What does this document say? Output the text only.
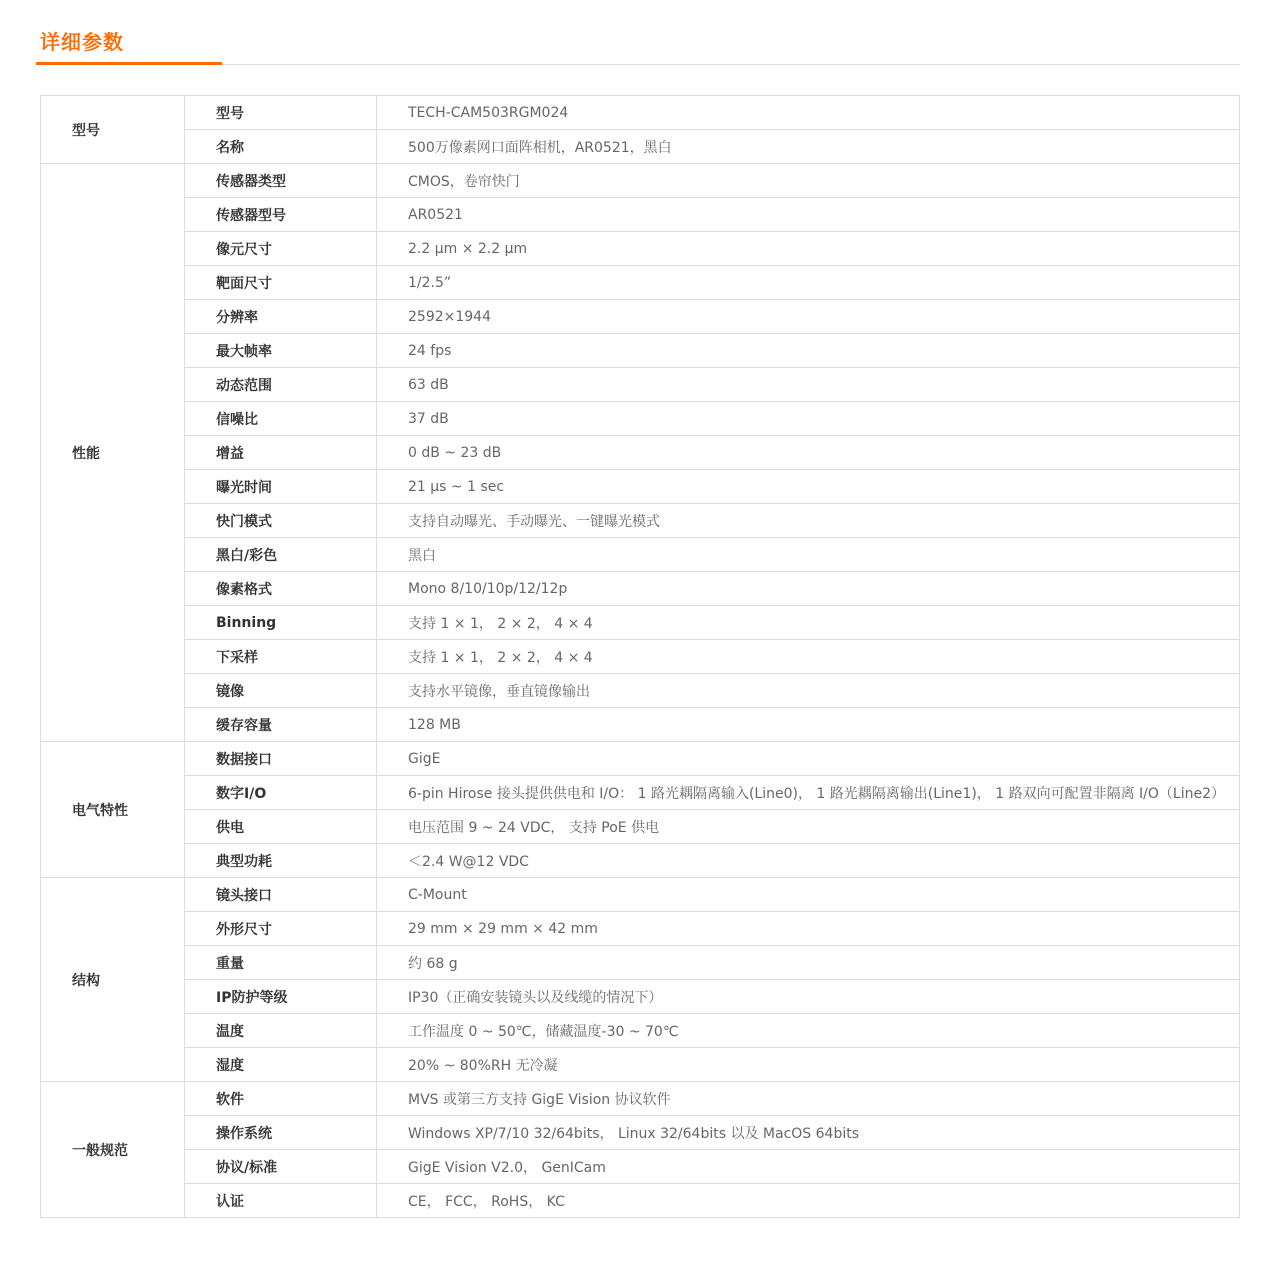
详细参数
型号	型号	TECH-CAM503RGM024
	名称	500万像素网口面阵相机，AR0521，黑白
性能	传感器类型	CMOS，卷帘快门
	传感器型号	AR0521
	像元尺寸	2.2 µm × 2.2 µm
	靶面尺寸	1/2.5”
	分辨率	2592×1944
	最大帧率	24 fps
	动态范围	63 dB
	信噪比	37 dB
	增益	0 dB ~ 23 dB
	曝光时间	21 μs ~ 1 sec
	快门模式	支持自动曝光、手动曝光、一键曝光模式
	黑白/彩色	黑白
	像素格式	Mono 8/10/10p/12/12p
	Binning	支持 1 × 1， 2 × 2， 4 × 4
	下采样	支持 1 × 1， 2 × 2， 4 × 4
	镜像	支持水平镜像，垂直镜像输出
	缓存容量	128 MB
电气特性	数据接口	GigE
	数字I/O	6-pin Hirose 接头提供供电和 I/O： 1 路光耦隔离输入(Line0)， 1 路光耦隔离输出(Line1)， 1 路双向可配置非隔离 I/O（Line2）
	供电	电压范围 9 ~ 24 VDC， 支持 PoE 供电
	典型功耗	＜2.4 W@12 VDC
结构	镜头接口	C-Mount
	外形尺寸	29 mm × 29 mm × 42 mm
	重量	约 68 g
	IP防护等级	IP30（正确安装镜头以及线缆的情况下）
	温度	工作温度 0 ~ 50℃，储藏温度-30 ~ 70℃
	湿度	20% ~ 80%RH 无冷凝
一般规范	软件	MVS 或第三方支持 GigE Vision 协议软件
	操作系统	Windows XP/7/10 32/64bits， Linux 32/64bits 以及 MacOS 64bits
	协议/标准	GigE Vision V2.0， GenICam
	认证	CE， FCC， RoHS， KC
